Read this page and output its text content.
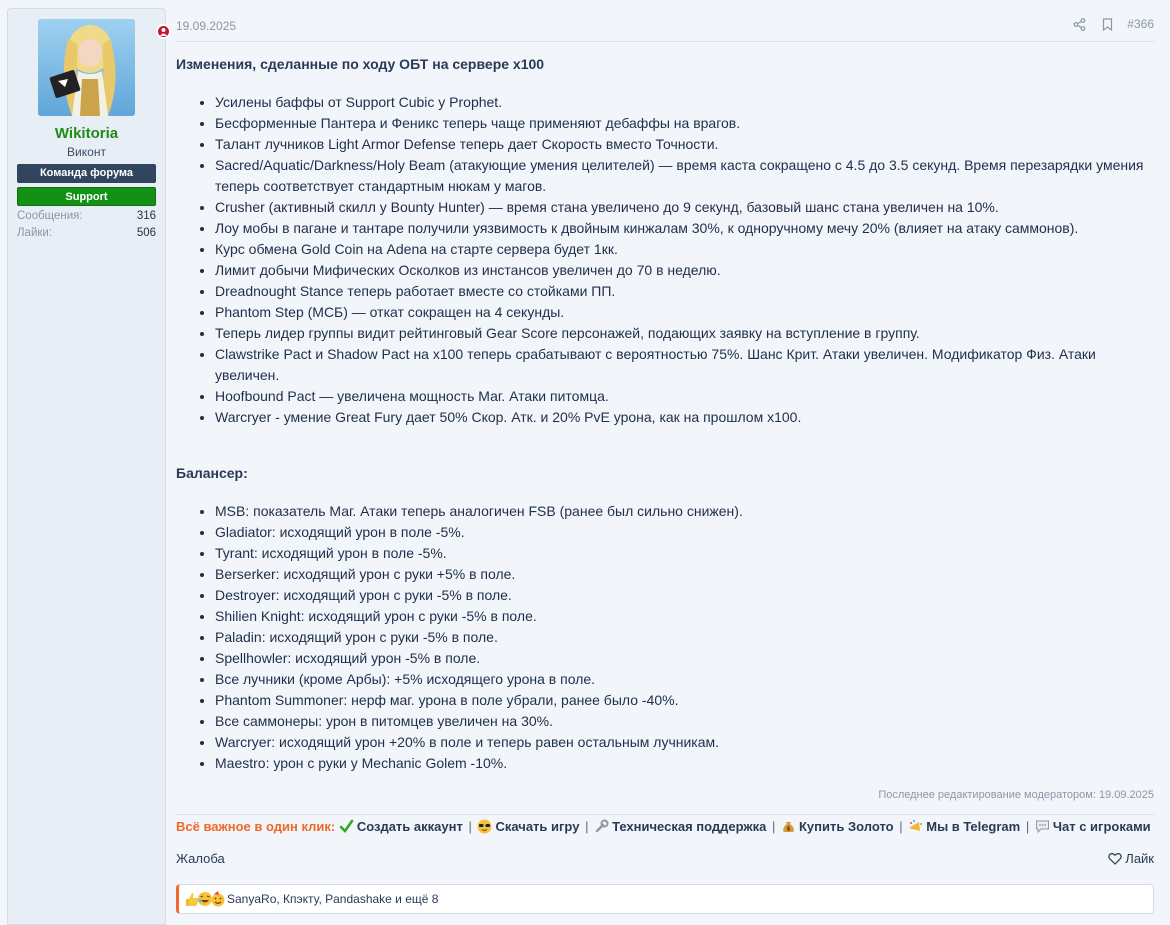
Wikitoria
Виконт
Команда форума
Support
Сообщения:	316
Лайки:	506
19.09.2025	#366
Изменения, сделанные по ходу ОБТ на сервере x100
• Усилены баффы от Support Cubic у Prophet.
• Бесформенные Пантера и Феникс теперь чаще применяют дебаффы на врагов.
• Талант лучников Light Armor Defense теперь дает Скорость вместо Точности.
• Sacred/Aquatic/Darkness/Holy Beam (атакующие умения целителей) — время каста сокращено с 4.5 до 3.5 секунд. Время перезарядки умения теперь соответствует стандартным нюкам у магов.
• Crusher (активный скилл у Bounty Hunter) — время стана увеличено до 9 секунд, базовый шанс стана увеличен на 10%.
• Лоу мобы в пагане и тантаре получили уязвимость к двойным кинжалам 30%, к одноручному мечу 20% (влияет на атаку саммонов).
• Курс обмена Gold Coin на Adena на старте сервера будет 1кк.
• Лимит добычи Мифических Осколков из инстансов увеличен до 70 в неделю.
• Dreadnought Stance теперь работает вместе со стойками ПП.
• Phantom Step (МСБ) — откат сокращен на 4 секунды.
• Теперь лидер группы видит рейтинговый Gear Score персонажей, подающих заявку на вступление в группу.
• Clawstrike Pact и Shadow Pact на x100 теперь срабатывают с вероятностью 75%. Шанс Крит. Атаки увеличен. Модификатор Физ. Атаки увеличен.
• Hoofbound Pact — увеличена мощность Маг. Атаки питомца.
• Warcryer - умение Great Fury дает 50% Скор. Атк. и 20% PvE урона, как на прошлом x100.
Балансер:
• MSB: показатель Маг. Атаки теперь аналогичен FSB (ранее был сильно снижен).
• Gladiator: исходящий урон в поле -5%.
• Tyrant: исходящий урон в поле -5%.
• Berserker: исходящий урон с руки +5% в поле.
• Destroyer: исходящий урон с руки -5% в поле.
• Shilien Knight: исходящий урон с руки -5% в поле.
• Paladin: исходящий урон с руки -5% в поле.
• Spellhowler: исходящий урон -5% в поле.
• Все лучники (кроме Арбы): +5% исходящего урона в поле.
• Phantom Summoner: нерф маг. урона в поле убрали, ранее было -40%.
• Все саммонеры: урон в питомцев увеличен на 30%.
• Warcryer: исходящий урон +20% в поле и теперь равен остальным лучникам.
• Maestro: урон с руки у Mechanic Golem -10%.
Последнее редактирование модератором: 19.09.2025
Всё важное в один клик: Создать аккаунт | Скачать игру | Техническая поддержка | $ Купить Золото | Мы в Telegram | Чат с игроками
Жалоба	Лайк
SanyaRo, Кпэкту, Pandashake и ещё 8
